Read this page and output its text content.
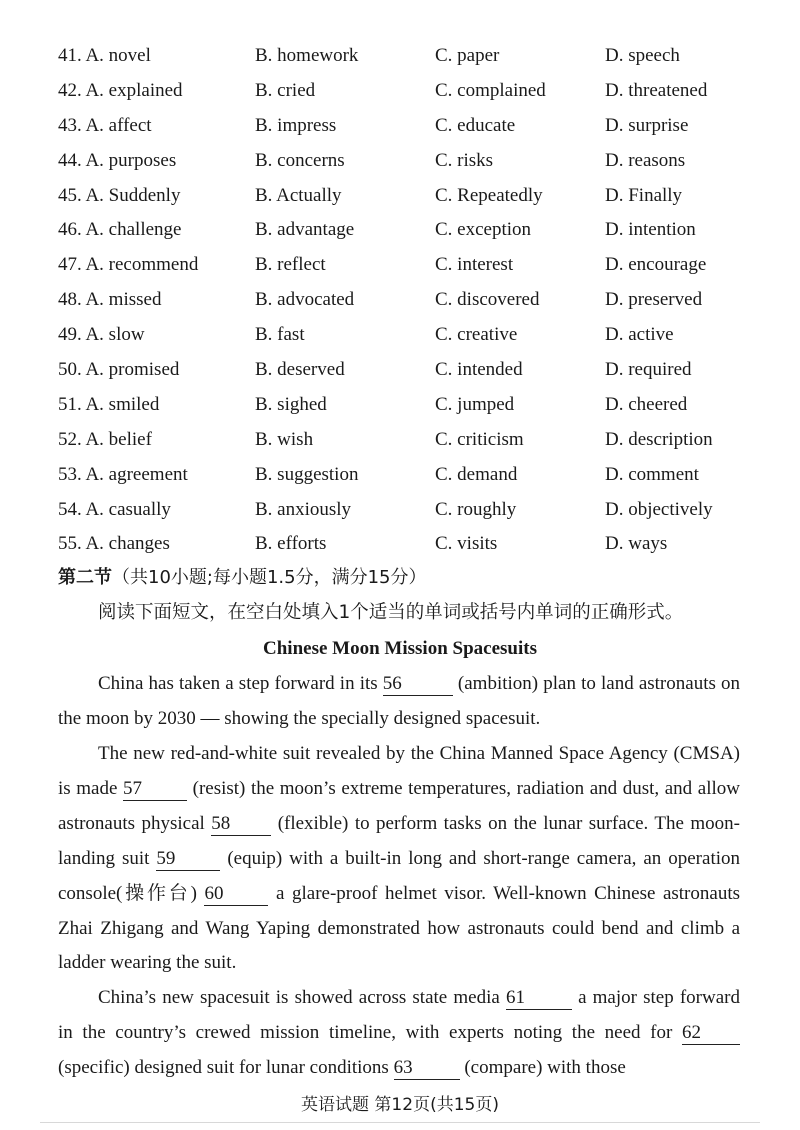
41. A. novel	B. homework	C. paper	D. speech
42. A. explained	B. cried	C. complained	D. threatened
43. A. affect	B. impress	C. educate	D. surprise
44. A. purposes	B. concerns	C. risks	D. reasons
45. A. Suddenly	B. Actually	C. Repeatedly	D. Finally
46. A. challenge	B. advantage	C. exception	D. intention
47. A. recommend	B. reflect	C. interest	D. encourage
48. A. missed	B. advocated	C. discovered	D. preserved
49. A. slow	B. fast	C. creative	D. active
50. A. promised	B. deserved	C. intended	D. required
51. A. smiled	B. sighed	C. jumped	D. cheered
52. A. belief	B. wish	C. criticism	D. description
53. A. agreement	B. suggestion	C. demand	D. comment
54. A. casually	B. anxiously	C. roughly	D. objectively
55. A. changes	B. efforts	C. visits	D. ways
第二节（共10小题;每小题1.5分，满分15分）
阅读下面短文，在空白处填入1个适当的单词或括号内单词的正确形式。
Chinese Moon Mission Spacesuits
China has taken a step forward in its 56	(ambition) plan to land astronauts on the moon by 2030 — showing the specially designed spacesuit.
The new red-and-white suit revealed by the China Manned Space Agency (CMSA) is made 57 (resist) the moon’s extreme temperatures, radiation and dust, and allow astronauts physical 58 (flexible) to perform tasks on the lunar surface. The moon-landing suit 59 (equip) with a built-in long and short-range camera, an operation console(操作台) 60 a glare-proof helmet visor. Well-known Chinese astronauts Zhai Zhigang and Wang Yaping demonstrated how astronauts could bend and climb a ladder wearing the suit.
China’s new spacesuit is showed across state media 61 a major step forward in the country’s crewed mission timeline, with experts noting the need for 62 (specific) designed suit for lunar conditions 63 (compare) with those
英语试题 第12页(共15页)
